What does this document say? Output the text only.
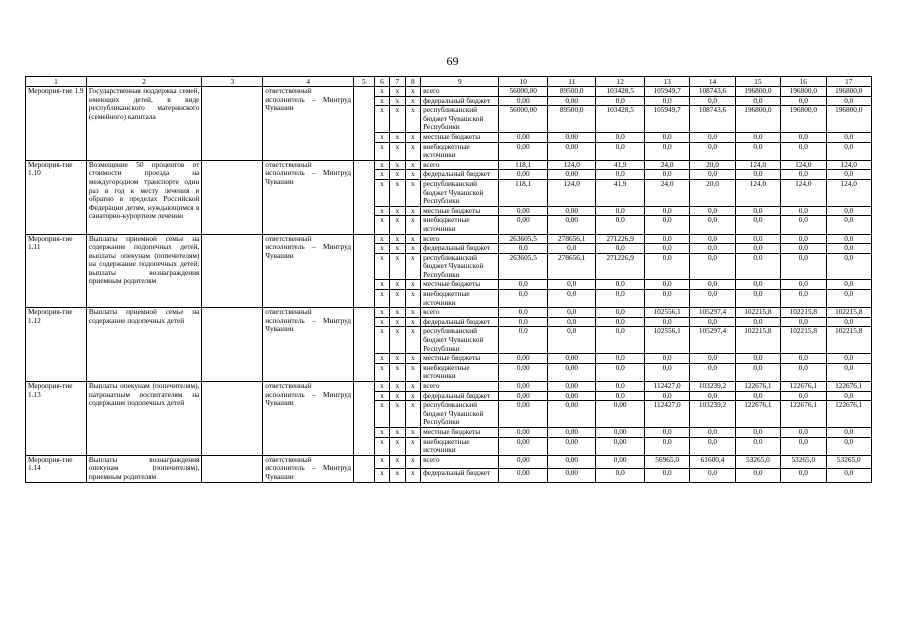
69
1	2	3	4	5	6	7	8	9	10	11	12	13	14	15	16	17
Мероприя-тие 1.9	Государственная поддержка семей, имеющих детей, в виде республиканского материнского (семейного) капитала		ответственный исполнитель – Минтруд Чувашии		х	х	х	всего	56000,00	89500,0	103428,5	105949,7	108743,6	196800,0	196800,0	196800,0
					х	х	х	федеральный бюджет	0,00	0,00	0,0	0,0	0,0	0,0	0,0	0,0
					х	х	х	республиканский бюджет Чувашской Республики	56000,00	89500,0	103428,5	105949,7	108743,6	196800,0	196800,0	196800,0
					х	х	х	местные бюджеты	0,00	0,00	0,0	0,0	0,0	0,0	0,0	0,0
					х	х	х	внебюджетные источники	0,00	0,00	0,0	0,0	0,0	0,0	0,0	0,0
Мероприя-тие 1.10	Возмещение 50 процентов от стоимости проезда на междугородном транспорте один раз в год к месту лечения и обратно в пределах Российской Федерации детям, нуждающимся в санаторно-курортном лечении		ответственный исполнитель – Минтруд Чувашии		х	х	х	всего	118,1	124,0	41,9	24,0	20,0	124,0	124,0	124,0
					х	х	х	федеральный бюджет	0,00	0,00	0,0	0,0	0,0	0,0	0,0	0,0
					х	х	х	республиканский бюджет Чувашской Республики	118,1	124,0	41,9	24,0	20,0	124,0	124,0	124,0
					х	х	х	местные бюджеты	0,00	0,00	0,0	0,0	0,0	0,0	0,0	0,0
					х	х	х	внебюджетные источники	0,00	0,00	0,0	0,0	0,0	0,0	0,0	0,0
Мероприя-тие 1.11	Выплаты приемной семье на содержание подопечных детей, выплаты опекунам (попечителям) на содержание подопечных детей; выплаты вознаграждения приемным родителям		ответственный исполнитель – Минтруд Чувашии		х	х	х	всего	263605,5	278656,1	271226,9	0,0	0,0	0,0	0,0	0,0
					х	х	х	федеральный бюджет	0,0	0,0	0,0	0,0	0,0	0,0	0,0	0,0
					х	х	х	республиканский бюджет Чувашской Республики	263605,5	278656,1	271226,9	0,0	0,0	0,0	0,0	0,0
					х	х	х	местные бюджеты	0,0	0,0	0,0	0,0	0,0	0,0	0,0	0,0
					х	х	х	внебюджетные источники	0,0	0,0	0,0	0,0	0,0	0,0	0,0	0,0
Мероприя-тие 1.12	Выплаты приемной семье на содержание подопечных детей		ответственный исполнитель – Минтруд Чувашии		х	х	х	всего	0,0	0,0	0,0	102556,1	105297,4	102215,8	102215,8	102215,8
					х	х	х	федеральный бюджет	0,0	0,0	0,0	0,0	0,0	0,0	0,0	0,0
					х	х	х	республиканский бюджет Чувашской Республики	0,0	0,0	0,0	102556,1	105297,4	102215,8	102215,8	102215,8
					х	х	х	местные бюджеты	0,00	0,00	0,0	0,0	0,0	0,0	0,0	0,0
					х	х	х	внебюджетные источники	0,00	0,00	0,0	0,0	0,0	0,0	0,0	0,0
Мероприя-тие 1.13	Выплаты опекунам (попечителям), патронатным воспитателям на содержание подопечных детей		ответственный исполнитель – Минтруд Чувашии		х	х	х	всего	0,00	0,00	0,0	112427,0	103239,2	122676,1	122676,1	122676,1
					х	х	х	федеральный бюджет	0,00	0,00	0,0	0,0	0,0	0,0	0,0	0,0
					х	х	х	республиканский бюджет Чувашской Республики	0,00	0,00	0,00	112427,0	103239,2	122676,1	122676,1	122676,1
					х	х	х	местные бюджеты	0,00	0,00	0,00	0,0	0,0	0,0	0,0	0,0
					х	х	х	внебюджетные источники	0,00	0,00	0,00	0,0	0,0	0,0	0,0	0,0
Мероприя-тие 1.14	Выплаты вознаграждения опекунам (попечителям), приемным родителям		ответственный исполнитель – Минтруд Чувашии		х	х	х	всего	0,00	0,00	0,00	56965,0	61600,4	53265,0	53265,0	53265,0
					х	х	х	федеральный бюджет	0,00	0,00	0,0	0,0	0,0	0,0	0,0	0,0
